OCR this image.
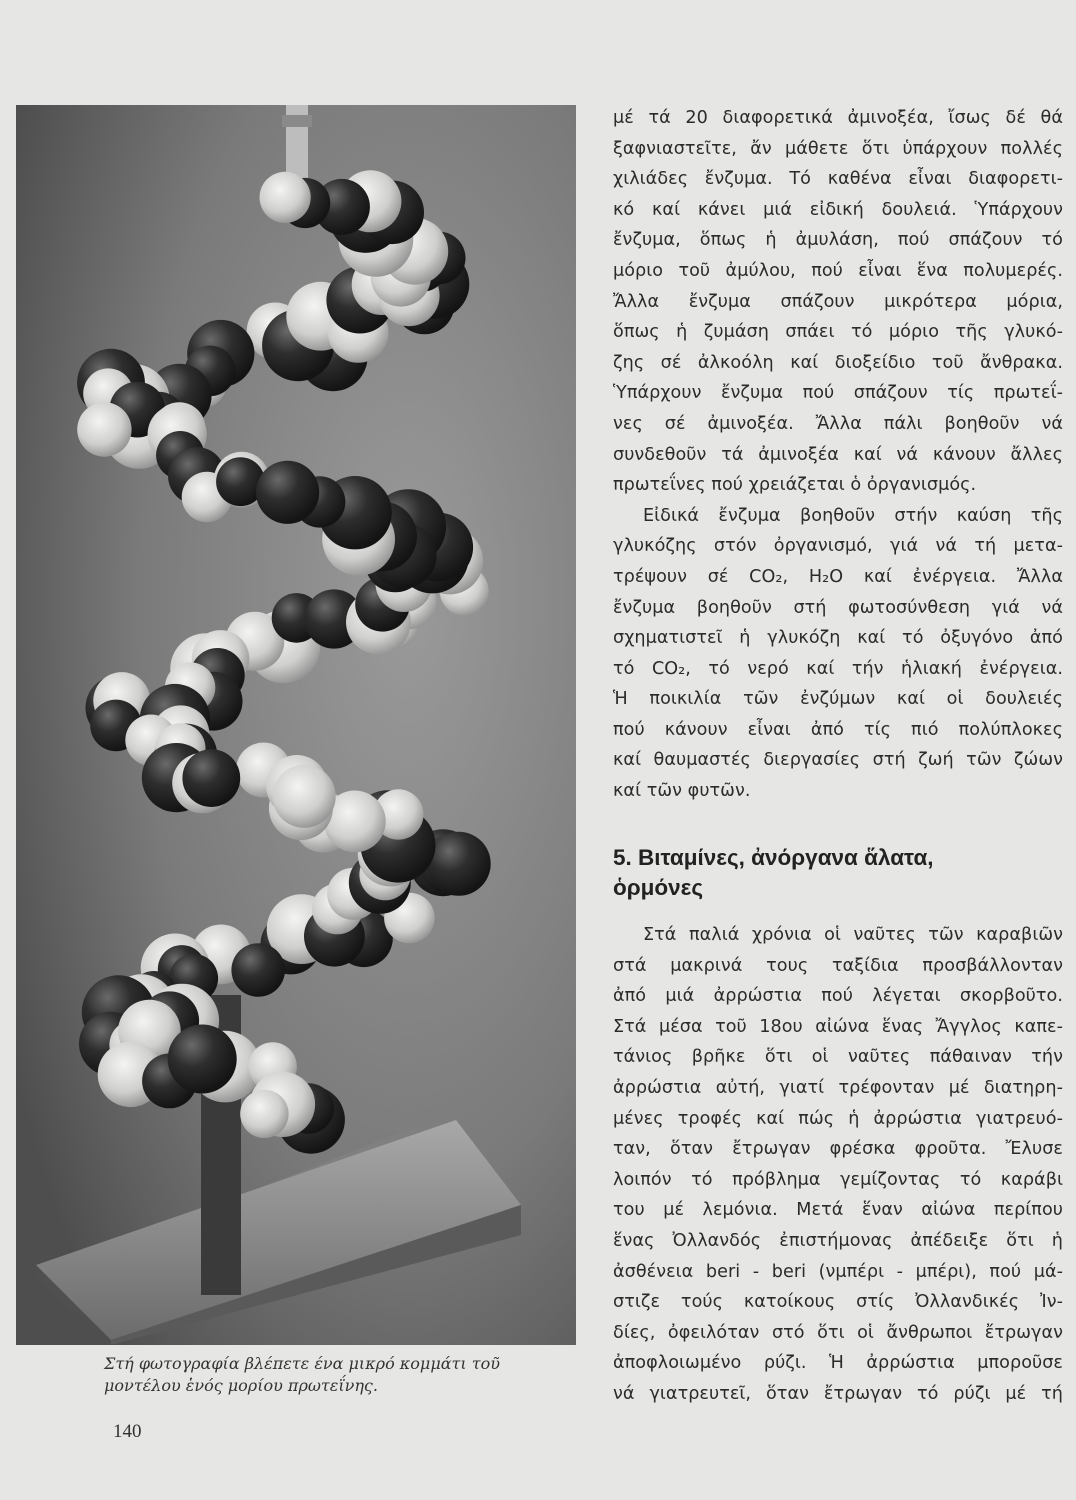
Στή φωτογραφία βλέπετε ένα μικρό κομμάτι τοῦ
μοντέλου ἑνός μορίου πρωτεΐνης.
140
μέ τά 20 διαφορετικά ἀμινοξέα, ἴσως δέ θά
ξαφνιαστεῖτε, ἄν μάθετε ὅτι ὑπάρχουν πολλές
χιλιάδες ἔνζυμα. Τό καθένα εἶναι διαφορετι-
κό καί κάνει μιά εἰδική δουλειά. Ὑπάρχουν
ἔνζυμα, ὅπως ἡ ἀμυλάση, πού σπάζουν τό
μόριο τοῦ ἀμύλου, πού εἶναι ἕνα πολυμερές.
Ἄλλα ἔνζυμα σπάζουν μικρότερα μόρια,
ὅπως ἡ ζυμάση σπάει τό μόριο τῆς γλυκό-
ζης σέ ἀλκοόλη καί διοξείδιο τοῦ ἄνθρακα.
Ὑπάρχουν ἔνζυμα πού σπάζουν τίς πρωτεΐ-
νες σέ ἀμινοξέα. Ἄλλα πάλι βοηθοῦν νά
συνδεθοῦν τά ἀμινοξέα καί νά κάνουν ἄλλες
πρωτεΐνες πού χρειάζεται ὁ ὀργανισμός.
Εἰδικά ἔνζυμα βοηθοῦν στήν καύση τῆς
γλυκόζης στόν ὀργανισμό, γιά νά τή μετα-
τρέψουν σέ CO₂, H₂O καί ἐνέργεια. Ἄλλα
ἔνζυμα βοηθοῦν στή φωτοσύνθεση γιά νά
σχηματιστεῖ ἡ γλυκόζη καί τό ὀξυγόνο ἀπό
τό CO₂, τό νερό καί τήν ἡλιακή ἐνέργεια.
Ἡ ποικιλία τῶν ἐνζύμων καί οἱ δουλειές
πού κάνουν εἶναι ἀπό τίς πιό πολύπλοκες
καί θαυμαστές διεργασίες στή ζωή τῶν ζώων
καί τῶν φυτῶν.
5. Βιταμίνες, ἀνόργανα ἅλατα,
ὁρμόνες
Στά παλιά χρόνια οἱ ναῦτες τῶν καραβιῶν
στά μακρινά τους ταξίδια προσβάλλονταν
ἀπό μιά ἀρρώστια πού λέγεται σκορβοῦτο.
Στά μέσα τοῦ 18ου αἰώνα ἕνας Ἄγγλος καπε-
τάνιος βρῆκε ὅτι οἱ ναῦτες πάθαιναν τήν
ἀρρώστια αὐτή, γιατί τρέφονταν μέ διατηρη-
μένες τροφές καί πώς ἡ ἀρρώστια γιατρευό-
ταν, ὅταν ἔτρωγαν φρέσκα φροῦτα. Ἔλυσε
λοιπόν τό πρόβλημα γεμίζοντας τό καράβι
του μέ λεμόνια. Μετά ἕναν αἰώνα περίπου
ἕνας Ὀλλανδός ἐπιστήμονας ἀπέδειξε ὅτι ἡ
ἀσθένεια beri - beri (νμπέρι - μπέρι), πού μά-
στιζε τούς κατοίκους στίς Ὀλλανδικές Ἰν-
δίες, ὀφειλόταν στό ὅτι οἱ ἄνθρωποι ἔτρωγαν
ἀποφλοιωμένο ρύζι. Ἡ ἀρρώστια μποροῦσε
νά γιατρευτεῖ, ὅταν ἔτρωγαν τό ρύζι μέ τή
